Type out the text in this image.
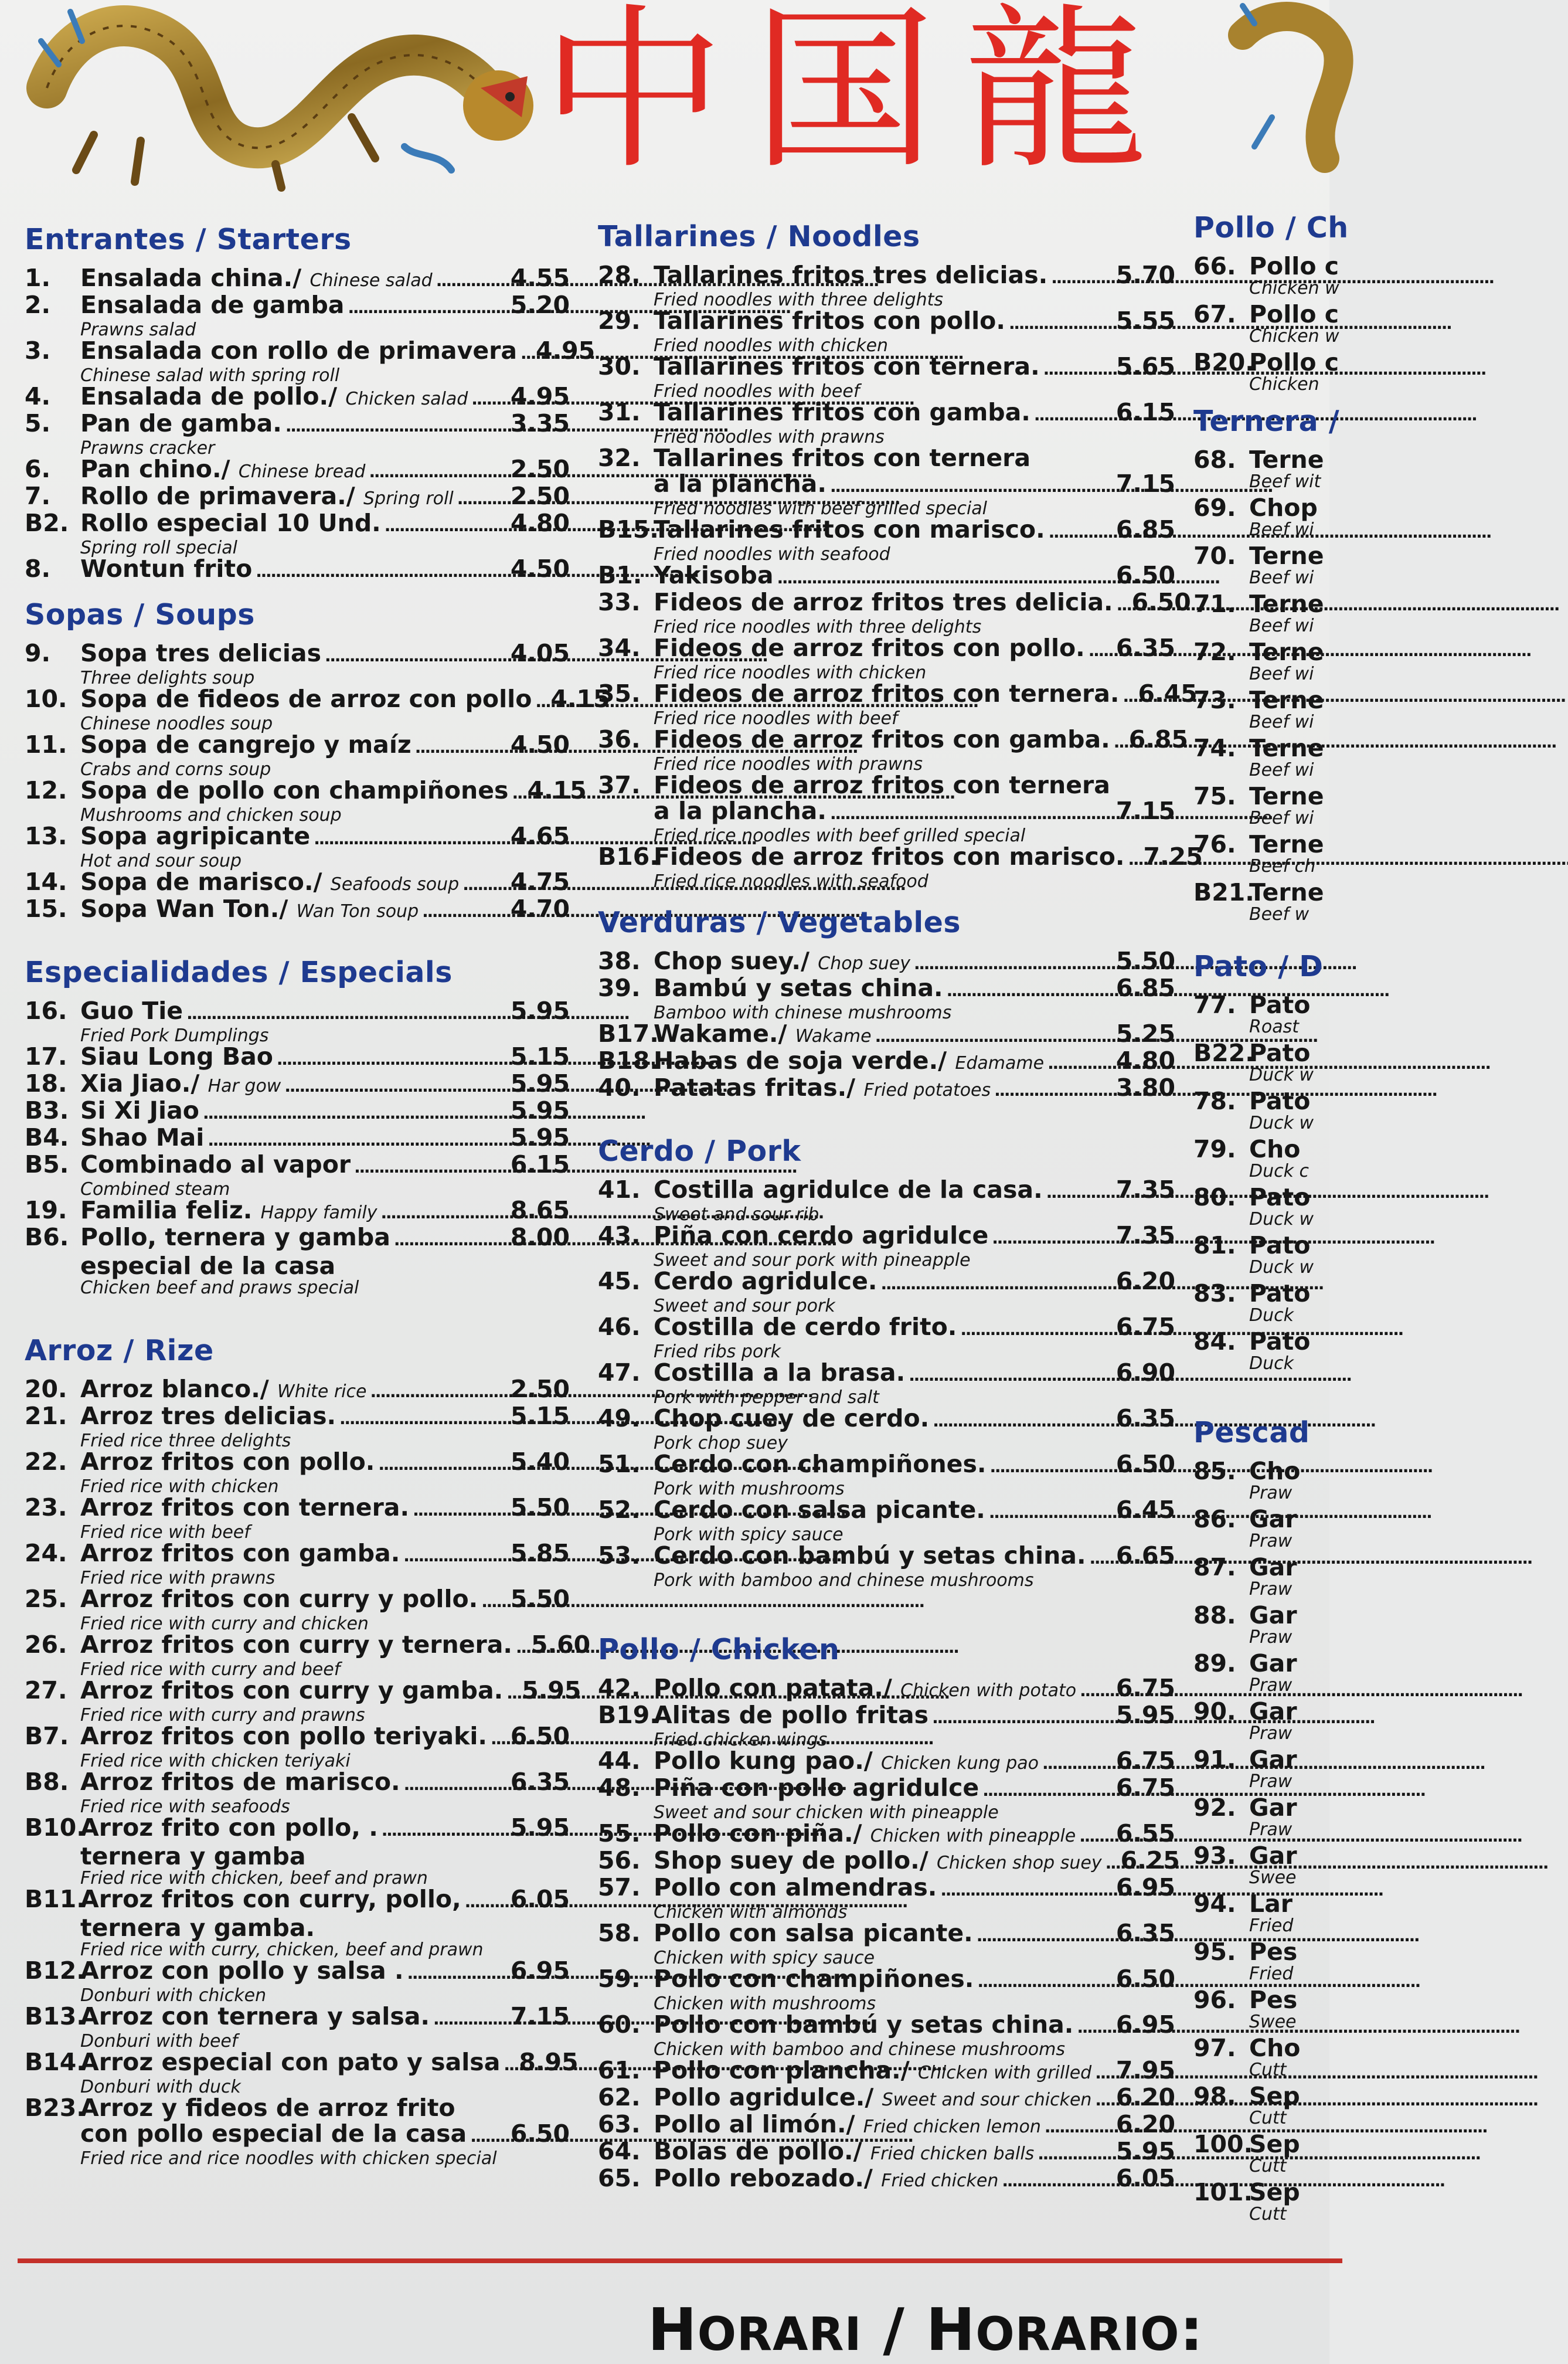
中 国 龍
Entrantes / Starters
1.	Ensalada china./ Chinese salad . . .	4.55
2.	Ensalada de gamba . . .	5.20
Prawns salad
3.	Ensalada con rollo de primavera . . . 4.95
Chinese salad with spring roll
4.	Ensalada de pollo./ Chicken salad . . . 4.95
5.	Pan de gamba. . . .	3.35
Prawns cracker
6.	Pan chino./ Chinese bread . . .	2.50
7.	Rollo de primavera./ Spring roll . . . 2.50
B2. Rollo especial 10 Und. . . .	4.80
Spring roll special
8.	Wontun frito . . .	4.50
Sopas / Soups
9.	Sopa tres delicias . . .	4.05
Three delights soup
10. Sopa de fideos de arroz con pollo . . . 4.15
Chinese noodles soup
11. Sopa de cangrejo y maíz . . .	4.50
Crabs and corns soup
12. Sopa de pollo con champiñones . . . 4.15
Mushrooms and chicken soup
13. Sopa agripicante . . .	4.65
Hot and sour soup
14. Sopa de marisco./ Seafoods soup . . . 4.75
15. Sopa Wan Ton./ Wan Ton soup . . .	4.70
Especialidades / Especials
16. Guo Tie . . .	5.95
Fried Pork Dumplings
17. Siau Long Bao . . .	5.15
18. Xia Jiao./ Har gow . . .	5.95
B3. Si Xi Jiao . . .	5.95
B4. Shao Mai . . .	5.95
B5. Combinado al vapor . . .	6.15
Combined steam
19. Familia feliz. Happy family . . .	8.65
B6. Pollo, ternera y gamba . . .	8.00
especial de la casa
Chicken beef and praws special
Arroz / Rize
20. Arroz blanco./ White rice . . .	2.50
21. Arroz tres delicias. . . .	5.15
Fried rice three delights
22. Arroz fritos con pollo. . . .	5.40
Fried rice with chicken
23. Arroz fritos con ternera. . . .	5.50
Fried rice with beef
24. Arroz fritos con gamba. . . .	5.85
Fried rice with prawns
25. Arroz fritos con curry y pollo. . . . 5.50
Fried rice with curry and chicken
26. Arroz fritos con curry y ternera. . . . 5.60
Fried rice with curry and beef
27. Arroz fritos con curry y gamba. . . . 5.95
Fried rice with curry and prawns
B7. Arroz fritos con pollo teriyaki. . . . 6.50
Fried rice with chicken teriyaki
B8. Arroz fritos de marisco. . . .	6.35
Fried rice with seafoods
B10.
Arroz frito con pollo, . . . .	5.95
ternera y gamba
Fried rice with chicken, beef and prawn
B11.
Arroz fritos con curry, pollo, . . . 6.05
ternera y gamba.
Fried rice with curry, chicken, beef and prawn
B12.
Arroz con pollo y salsa . . . .	6.95
Donburi with chicken
B13.
Arroz con ternera y salsa. . . .	7.15
Donburi with beef
B14.
Arroz especial con pato y salsa . . . 8.95
Donburi with duck
B23.
Arroz y fideos de arroz frito
con pollo especial de la casa . . . 6.50
Fried rice and rice noodles with chicken special
Tallarines / Noodles
28. Tallarines fritos tres delicias. . . .	5.70
Fried noodles with three delights
29. Tallarines fritos con pollo. . . .	5.55
Fried noodles with chicken
30. Tallarines fritos con ternera. . . .	5.65
Fried noodles with beef
31. Tallarines fritos con gamba. . . .	6.15
Fried noodles with prawns
32. Tallarines fritos con ternera
a la plancha. . . .	7.15
Fried noodles with beef grilled special
B15.
Tallarines fritos con marisco. . . .	6.85
Fried noodles with seafood
B1. Yakisoba . . .	6.50
33. Fideos de arroz fritos tres delicia. . . . 6.50
Fried rice noodles with three delights
34. Fideos de arroz fritos con pollo. . . . 6.35
Fried rice noodles with chicken
35. Fideos de arroz fritos con ternera. . . . 6.45
Fried rice noodles with beef
36. Fideos de arroz fritos con gamba. . . . 6.85
Fried rice noodles with prawns
37. Fideos de arroz fritos con ternera
a la plancha. . . .	7.15
Fried rice noodles with beef grilled special
B16.
Fideos de arroz fritos con marisco. . . . 7.25
Fried rice noodles with seafood
Verduras / Vegetables
38. Chop suey./ Chop suey . . .	5.50
39. Bambú y setas china. . . .	6.85
Bamboo with chinese mushrooms
B17.
Wakame./ Wakame . . .	5.25
B18.
Habas de soja verde./ Edamame . . .	4.80
40. Patatas fritas./ Fried potatoes . . .	3.80
Cerdo / Pork
41. Costilla agridulce de la casa. . . .	7.35
Sweet and sour rib
43. Piña con cerdo agridulce . . .	7.35
Sweet and sour pork with pineapple
45. Cerdo agridulce. . . .	6.20
Sweet and sour pork
46. Costilla de cerdo frito. . . .	6.75
Fried ribs pork
47. Costilla a la brasa. . . .	6.90
Pork with pepper and salt
49. Chop cuey de cerdo. . . .	6.35
Pork chop suey
51. Cerdo con champiñones. . . .	6.50
Pork with mushrooms
52. Cerdo con salsa picante. . . .	6.45
Pork with spicy sauce
53. Cerdo con bambú y setas china. . . . 6.65
Pork with bamboo and chinese mushrooms
Pollo / Chicken
42. Pollo con patata./ Chicken with potato . . . 6.75
B19.
Alitas de pollo fritas . . .	5.95
Fried chicken wings
44. Pollo kung pao./ Chicken kung pao . . .	6.75
48. Piña con pollo agridulce . . .	6.75
Sweet and sour chicken with pineapple
55. Pollo con piña./ Chicken with pineapple . . . 6.55
56. Shop suey de pollo./ Chicken shop suey . . . 6.25
57. Pollo con almendras. . . .	6.95
Chicken with almonds
58. Pollo con salsa picante. . . .	6.35
Chicken with spicy sauce
59. Pollo con champiñones. . . .	6.50
Chicken with mushrooms
60. Pollo con bambú y setas china. . . . 6.95
Chicken with bamboo and chinese mushrooms
61. Pollo con plancha./ Chicken with grilled . . . 7.95
62. Pollo agridulce./ Sweet and sour chicken . . . 6.20
63. Pollo al limón./ Fried chicken lemon . . .	6.20
64. Bolas de pollo./ Fried chicken balls . . .	5.95
65. Pollo rebozado./ Fried chicken . . .	6.05
Pollo / Ch
66. Pollo c
Chicken w
67. Pollo c
Chicken w
B20.
Pollo c
Chicken
Ternera /
68. Terne
Beef wit
69. Chop
Beef wi
70. Terne
Beef wi
71. Terne
Beef wi
72. Terne
Beef wi
73. Terne
Beef wi
74. Terne
Beef wi
75. Terne
Beef wi
76. Terne
Beef ch
B21.
Terne
Beef w
Pato / D
77. Pato
Roast
B22.
Pato
Duck w
78. Pato
Duck w
79. Cho
Duck c
80. Pato
Duck w
81. Pato
Duck w
83. Pato
Duck
84. Pato
Duck
Pescad
85. Cho
Praw
86. Gar
Praw
87. Gar
Praw
88. Gar
Praw
89. Gar
Praw
90. Gar
Praw
91. Gar
Praw
92. Gar
Praw
93. Gar
Swee
94. Lar
Fried
95. Pes
Fried
96. Pes
Swee
97. Cho
Cutt
98. Sep
Cutt
100.
Sep
Cutt
101.
Sep
Cutt
HORARI / HORARIO:
